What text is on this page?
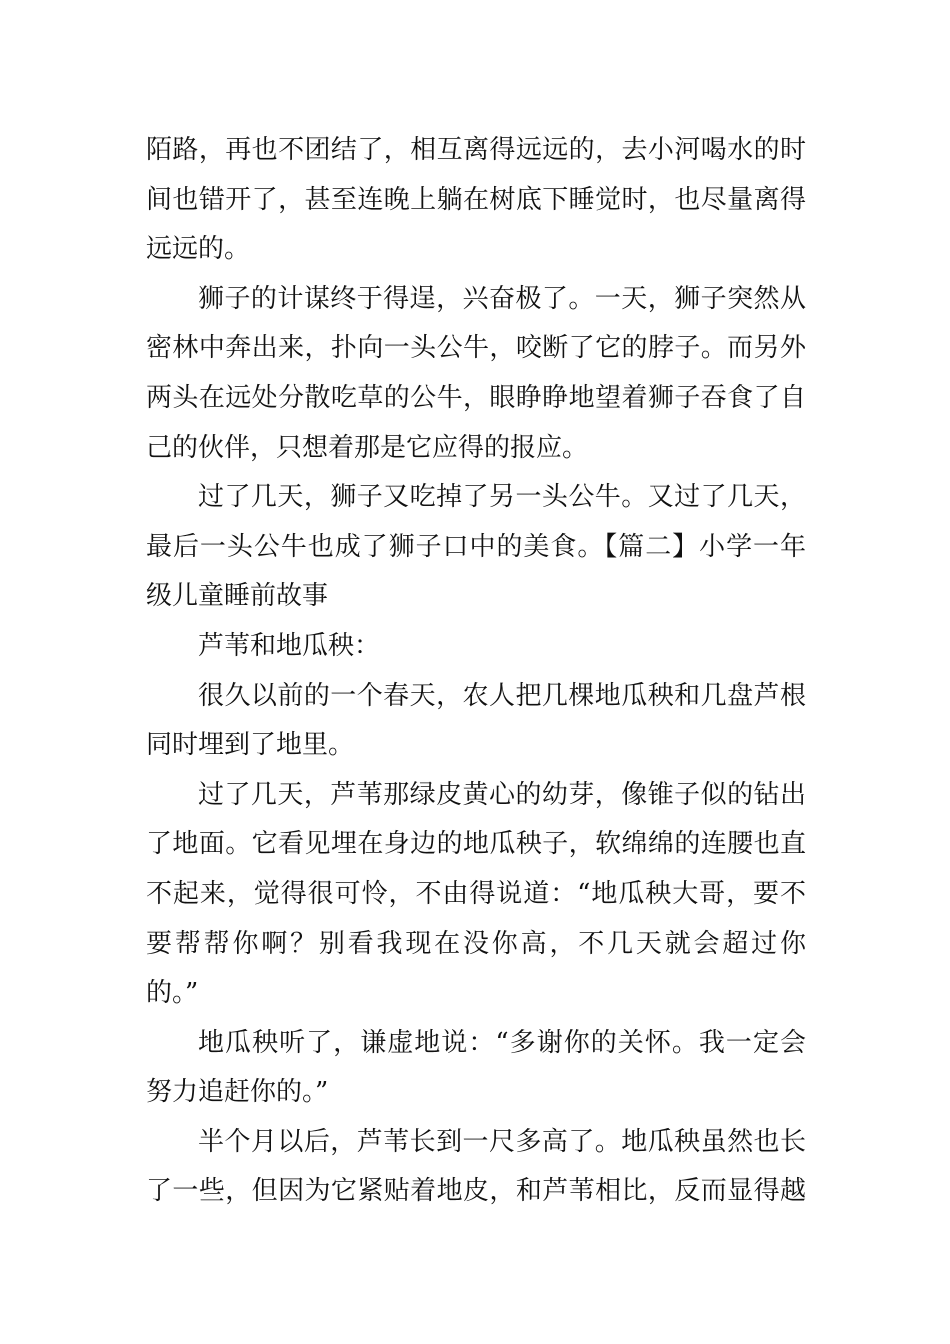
陌路，再也不团结了，相互离得远远的，去小河喝水的时
间也错开了，甚至连晚上躺在树底下睡觉时，也尽量离得
远远的。
狮子的计谋终于得逞，兴奋极了。一天，狮子突然从
密林中奔出来，扑向一头公牛，咬断了它的脖子。而另外
两头在远处分散吃草的公牛，眼睁睁地望着狮子吞食了自
己的伙伴，只想着那是它应得的报应。
过了几天，狮子又吃掉了另一头公牛。又过了几天，
最后一头公牛也成了狮子口中的美食。【篇二】小学一年
级儿童睡前故事
芦苇和地瓜秧：
很久以前的一个春天，农人把几棵地瓜秧和几盘芦根
同时埋到了地里。
过了几天，芦苇那绿皮黄心的幼芽，像锥子似的钻出
了地面。它看见埋在身边的地瓜秧子，软绵绵的连腰也直
不起来，觉得很可怜，不由得说道：“地瓜秧大哥，要不
要帮帮你啊？别看我现在没你高，不几天就会超过你
的。”
地瓜秧听了，谦虚地说：“多谢你的关怀。我一定会
努力追赶你的。”
半个月以后，芦苇长到一尺多高了。地瓜秧虽然也长
了一些，但因为它紧贴着地皮，和芦苇相比，反而显得越
